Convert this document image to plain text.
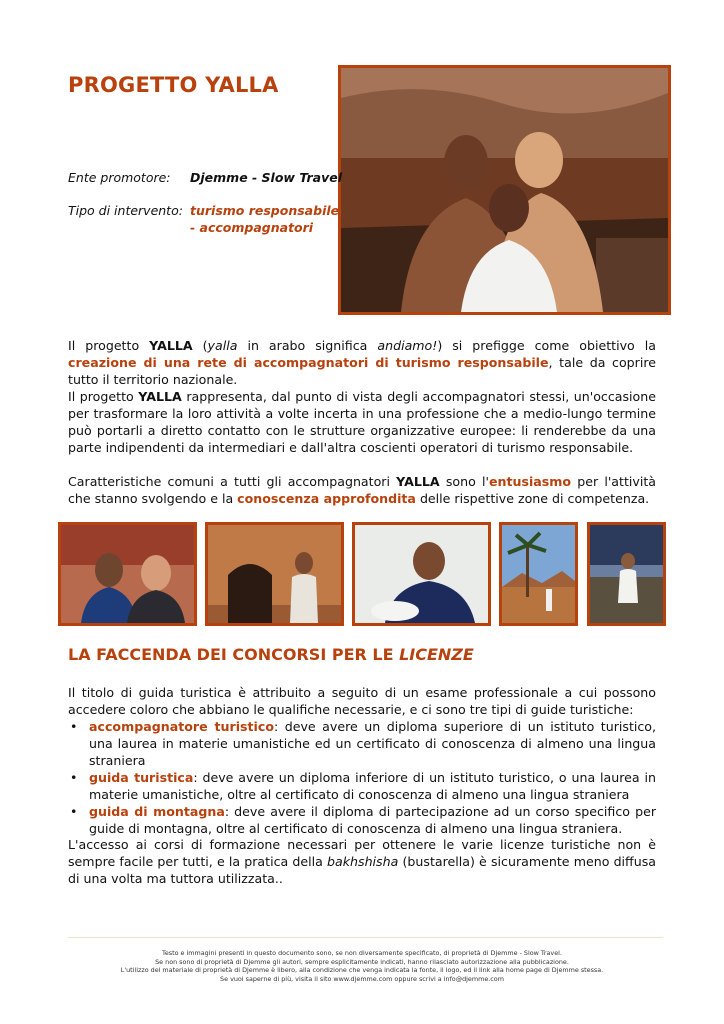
PROGETTO YALLA
Ente promotore: Djemme - Slow Travel
Tipo di intervento: turismo responsabile
- accompagnatori

Il progetto YALLA (yalla in arabo significa andiamo!) si prefigge come obiettivo la creazione di una rete di accompagnatori di turismo responsabile, tale da coprire tutto il territorio nazionale.

Il progetto YALLA rappresenta, dal punto di vista degli accompagnatori stessi, un'occasione per trasformare la loro attività a volte incerta in una professione che a medio-lungo termine può portarli a diretto contatto con le strutture organizzative europee: li renderebbe da una parte indipendenti da intermediari e dall'altra coscienti operatori di turismo responsabile.

Caratteristiche comuni a tutti gli accompagnatori YALLA sono l'entusiasmo per l'attività che stanno svolgendo e la conoscenza approfondita delle rispettive zone di competenza.

LA FACCENDA DEI CONCORSI PER LE LICENZE

Il titolo di guida turistica è attribuito a seguito di un esame professionale a cui possono accedere coloro che abbiano le qualifiche necessarie, e ci sono tre tipi di guide turistiche:

• accompagnatore turistico: deve avere un diploma superiore di un istituto turistico, una laurea in materie umanistiche ed un certificato di conoscenza di almeno una lingua straniera
• guida turistica: deve avere un diploma inferiore di un istituto turistico, o una laurea in materie umanistiche, oltre al certificato di conoscenza di almeno una lingua straniera
• guida di montagna: deve avere il diploma di partecipazione ad un corso specifico per guide di montagna, oltre al certificato di conoscenza di almeno una lingua straniera.

L'accesso ai corsi di formazione necessari per ottenere le varie licenze turistiche non è sempre facile per tutti, e la pratica della bakhshisha (bustarella) è sicuramente meno diffusa di una volta ma tuttora utilizzata..

Testo e immagini presenti in questo documento sono, se non diversamente specificato, di proprietà di Djemme - Slow Travel.
Se non sono di proprietà di Djemme gli autori, sempre esplicitamente indicati, hanno rilasciato autorizzazione alla pubblicazione.
L'utilizzo del materiale di proprietà di Djemme è libero, alla condizione che venga indicata la fonte, il logo, ed il link alla home page di Djemme stessa.
Se vuoi saperne di più, visita il sito www.djemme.com oppure scrivi a info@djemme.com
